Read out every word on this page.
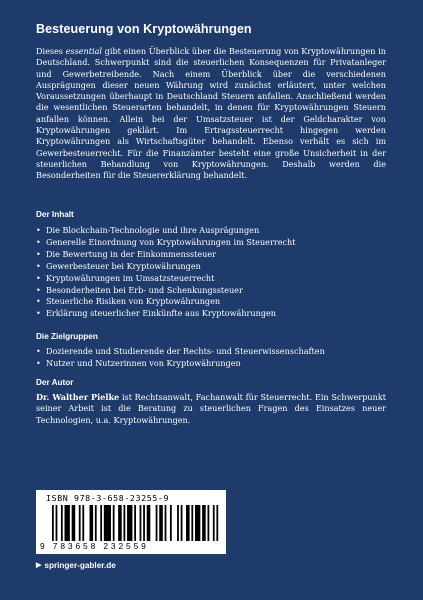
Besteuerung von Kryptowährungen
Dieses essential gibt einen Überblick über die Besteuerung von Kryptowährungen in Deutschland. Schwerpunkt sind die steuerlichen Konsequenzen für Privatanleger und Gewerbetreibende. Nach einem Überblick über die verschiedenen Ausprägungen dieser neuen Währung wird zunächst erläutert, unter welchen Voraussetzungen überhaupt in Deutschland Steuern anfallen. Anschließend werden die wesentlichen Steuerarten behandelt, in denen für Kryptowährungen Steuern anfallen können. Allein bei der Umsatzsteuer ist der Geldcharakter von Kryptowährungen geklärt. Im Ertragssteuerrecht hingegen werden Kryptowährungen als Wirtschaftsgüter behandelt. Ebenso verhält es sich im Gewerbesteuerrecht. Für die Finanzämter besteht eine große Unsicherheit in der steuerlichen Behandlung von Kryptowährungen. Deshalb werden die Besonderheiten für die Steuererklärung behandelt.
Der Inhalt
• Die Blockchain-Technologie und ihre Ausprägungen
• Generelle Einordnung von Kryptowährungen im Steuerrecht
• Die Bewertung in der Einkommenssteuer
• Gewerbesteuer bei Kryptowährungen
• Kryptowährungen im Umsatzsteuerrecht
• Besonderheiten bei Erb- und Schenkungssteuer
• Steuerliche Risiken von Kryptowährungen
• Erklärung steuerlicher Einkünfte aus Kryptowährungen
Die Zielgruppen
• Dozierende und Studierende der Rechts- und Steuerwissenschaften
• Nutzer und Nutzerinnen von Kryptowährungen
Der Autor
Dr. Walther Pielke ist Rechtsanwalt, Fachanwalt für Steuerrecht. Ein Schwerpunkt seiner Arbeit ist die Beratung zu steuerlichen Fragen des Einsatzes neuer Technologien, u.a. Kryptowährungen.
ISBN 978-3-658-23255-9
9 783658 232559
▶ springer-gabler.de
